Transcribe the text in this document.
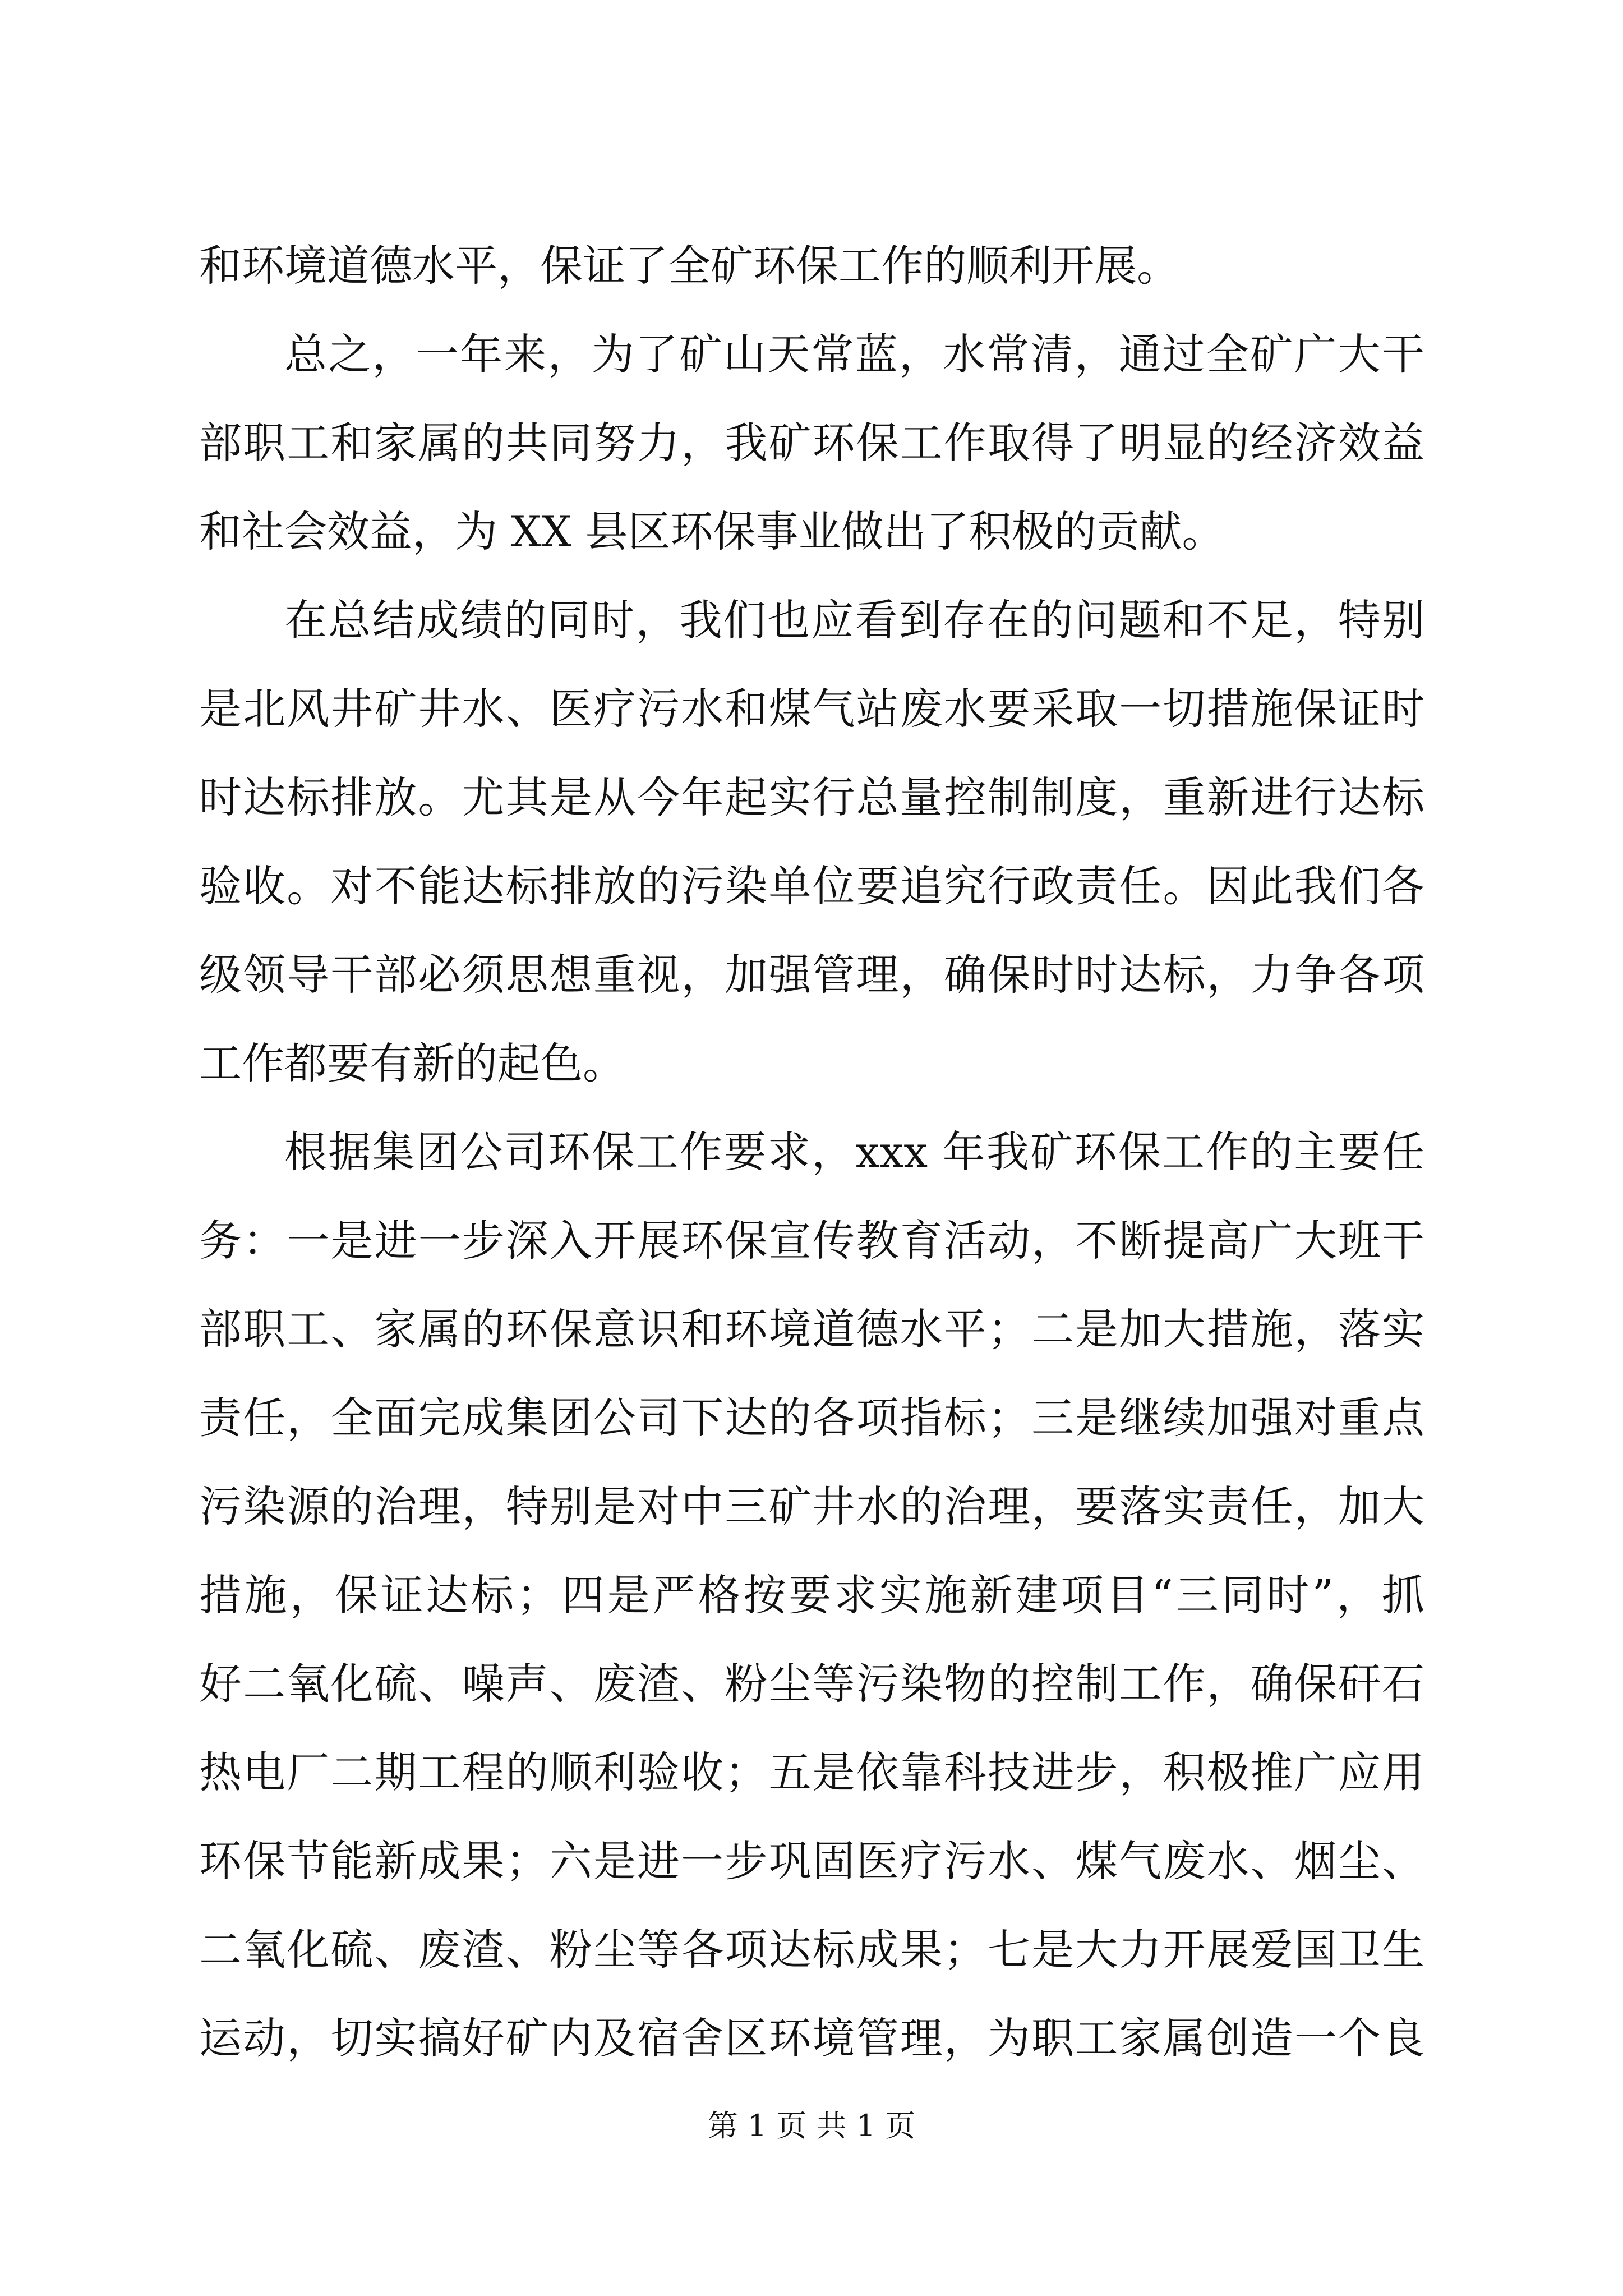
和环境道德水平，保证了全矿环保工作的顺利开展。
总之，一年来，为了矿山天常蓝，水常清，通过全矿广大干
部职工和家属的共同努力，我矿环保工作取得了明显的经济效益
和社会效益，为 XX 县区环保事业做出了积极的贡献。
在总结成绩的同时，我们也应看到存在的问题和不足，特别
是北风井矿井水、医疗污水和煤气站废水要采取一切措施保证时
时达标排放。尤其是从今年起实行总量控制制度，重新进行达标
验收。对不能达标排放的污染单位要追究行政责任。因此我们各
级领导干部必须思想重视，加强管理，确保时时达标，力争各项
工作都要有新的起色。
根据集团公司环保工作要求，xxx 年我矿环保工作的主要任
务：一是进一步深入开展环保宣传教育活动，不断提高广大班干
部职工、家属的环保意识和环境道德水平；二是加大措施，落实
责任，全面完成集团公司下达的各项指标；三是继续加强对重点
污染源的治理，特别是对中三矿井水的治理，要落实责任，加大
措施，保证达标；四是严格按要求实施新建项目“三同时”，抓
好二氧化硫、噪声、废渣、粉尘等污染物的控制工作，确保矸石
热电厂二期工程的顺利验收；五是依靠科技进步，积极推广应用
环保节能新成果；六是进一步巩固医疗污水、煤气废水、烟尘、
二氧化硫、废渣、粉尘等各项达标成果；七是大力开展爱国卫生
运动，切实搞好矿内及宿舍区环境管理，为职工家属创造一个良
第 1 页 共 1 页
